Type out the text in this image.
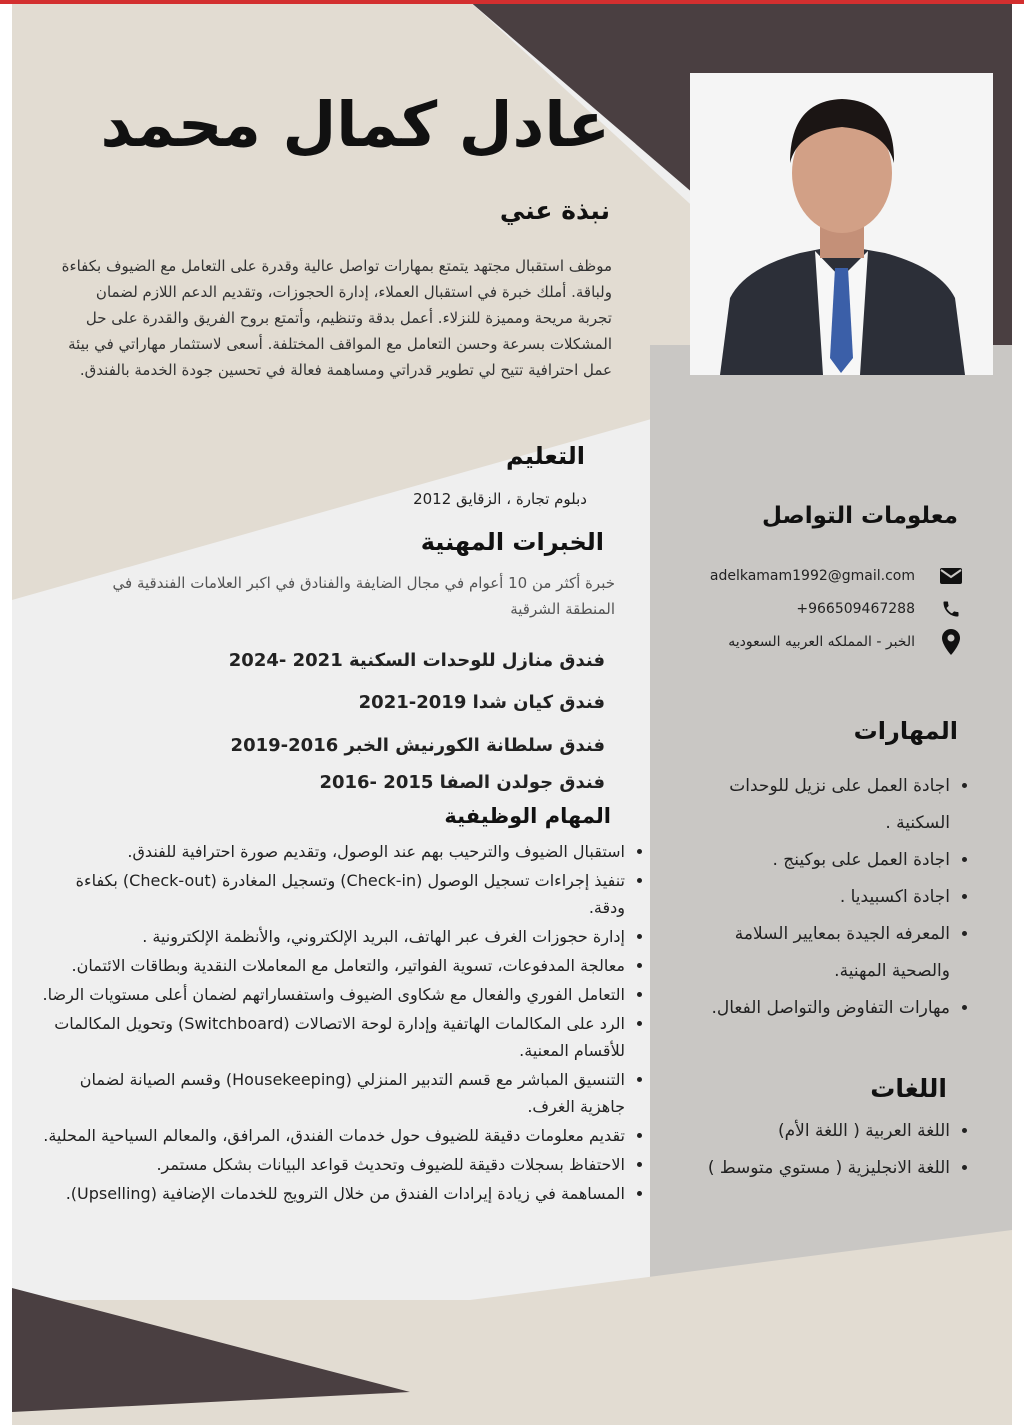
عادل كمال محمد
نبذة عني
موظف استقبال مجتهد يتمتع بمهارات تواصل عالية وقدرة على التعامل مع الضيوف بكفاءة ولباقة. أملك خبرة في استقبال العملاء، إدارة الحجوزات، وتقديم الدعم اللازم لضمان تجربة مريحة ومميزة للنزلاء. أعمل بدقة وتنظيم، وأتمتع بروح الفريق والقدرة على حل المشكلات بسرعة وحسن التعامل مع المواقف المختلفة. أسعى لاستثمار مهاراتي في بيئة عمل احترافية تتيح لي تطوير قدراتي ومساهمة فعالة في تحسين جودة الخدمة بالفندق.
التعليم
دبلوم تجارة ، الزقايق 2012
الخبرات المهنية
خبرة أكثر من 10 أعوام في مجال الضايفة والفنادق في اكبر العلامات الفندقية في المنطقة الشرقية
فندق منازل للوحدات السكنية 2021 -2024
فندق كيان شدا 2019-2021
فندق سلطانة الكورنيش الخبر 2016-2019
فندق جولدن الصفا 2015 -2016
المهام الوظيفية
• استقبال الضيوف والترحيب بهم عند الوصول، وتقديم صورة احترافية للفندق.
• تنفيذ إجراءات تسجيل الوصول (Check-in) وتسجيل المغادرة (Check-out) بكفاءة ودقة.
• إدارة حجوزات الغرف عبر الهاتف، البريد الإلكتروني، والأنظمة الإلكترونية .
• معالجة المدفوعات، تسوية الفواتير، والتعامل مع المعاملات النقدية وبطاقات الائتمان.
• التعامل الفوري والفعال مع شكاوى الضيوف واستفساراتهم لضمان أعلى مستويات الرضا.
• الرد على المكالمات الهاتفية وإدارة لوحة الاتصالات (Switchboard) وتحويل المكالمات للأقسام المعنية.
• التنسيق المباشر مع قسم التدبير المنزلي (Housekeeping) وقسم الصيانة لضمان جاهزية الغرف.
• تقديم معلومات دقيقة للضيوف حول خدمات الفندق، المرافق، والمعالم السياحية المحلية.
• الاحتفاظ بسجلات دقيقة للضيوف وتحديث قواعد البيانات بشكل مستمر.
• المساهمة في زيادة إيرادات الفندق من خلال الترويج للخدمات الإضافية (Upselling).
معلومات التواصل
adelkamam1992@gmail.com
+966509467288
الخبر - المملكه العربيه السعوديه
المهارات
• اجادة العمل على نزيل للوحدات السكنية .
• اجادة العمل على بوكينج .
• اجادة اكسبيديا .
• المعرفه الجيدة بمعايير السلامة والصحية المهنية.
• مهارات التفاوض والتواصل الفعال.
اللغات
• اللغة العربية ( اللغة الأم)
• اللغة الانجليزية ( مستوي متوسط )
